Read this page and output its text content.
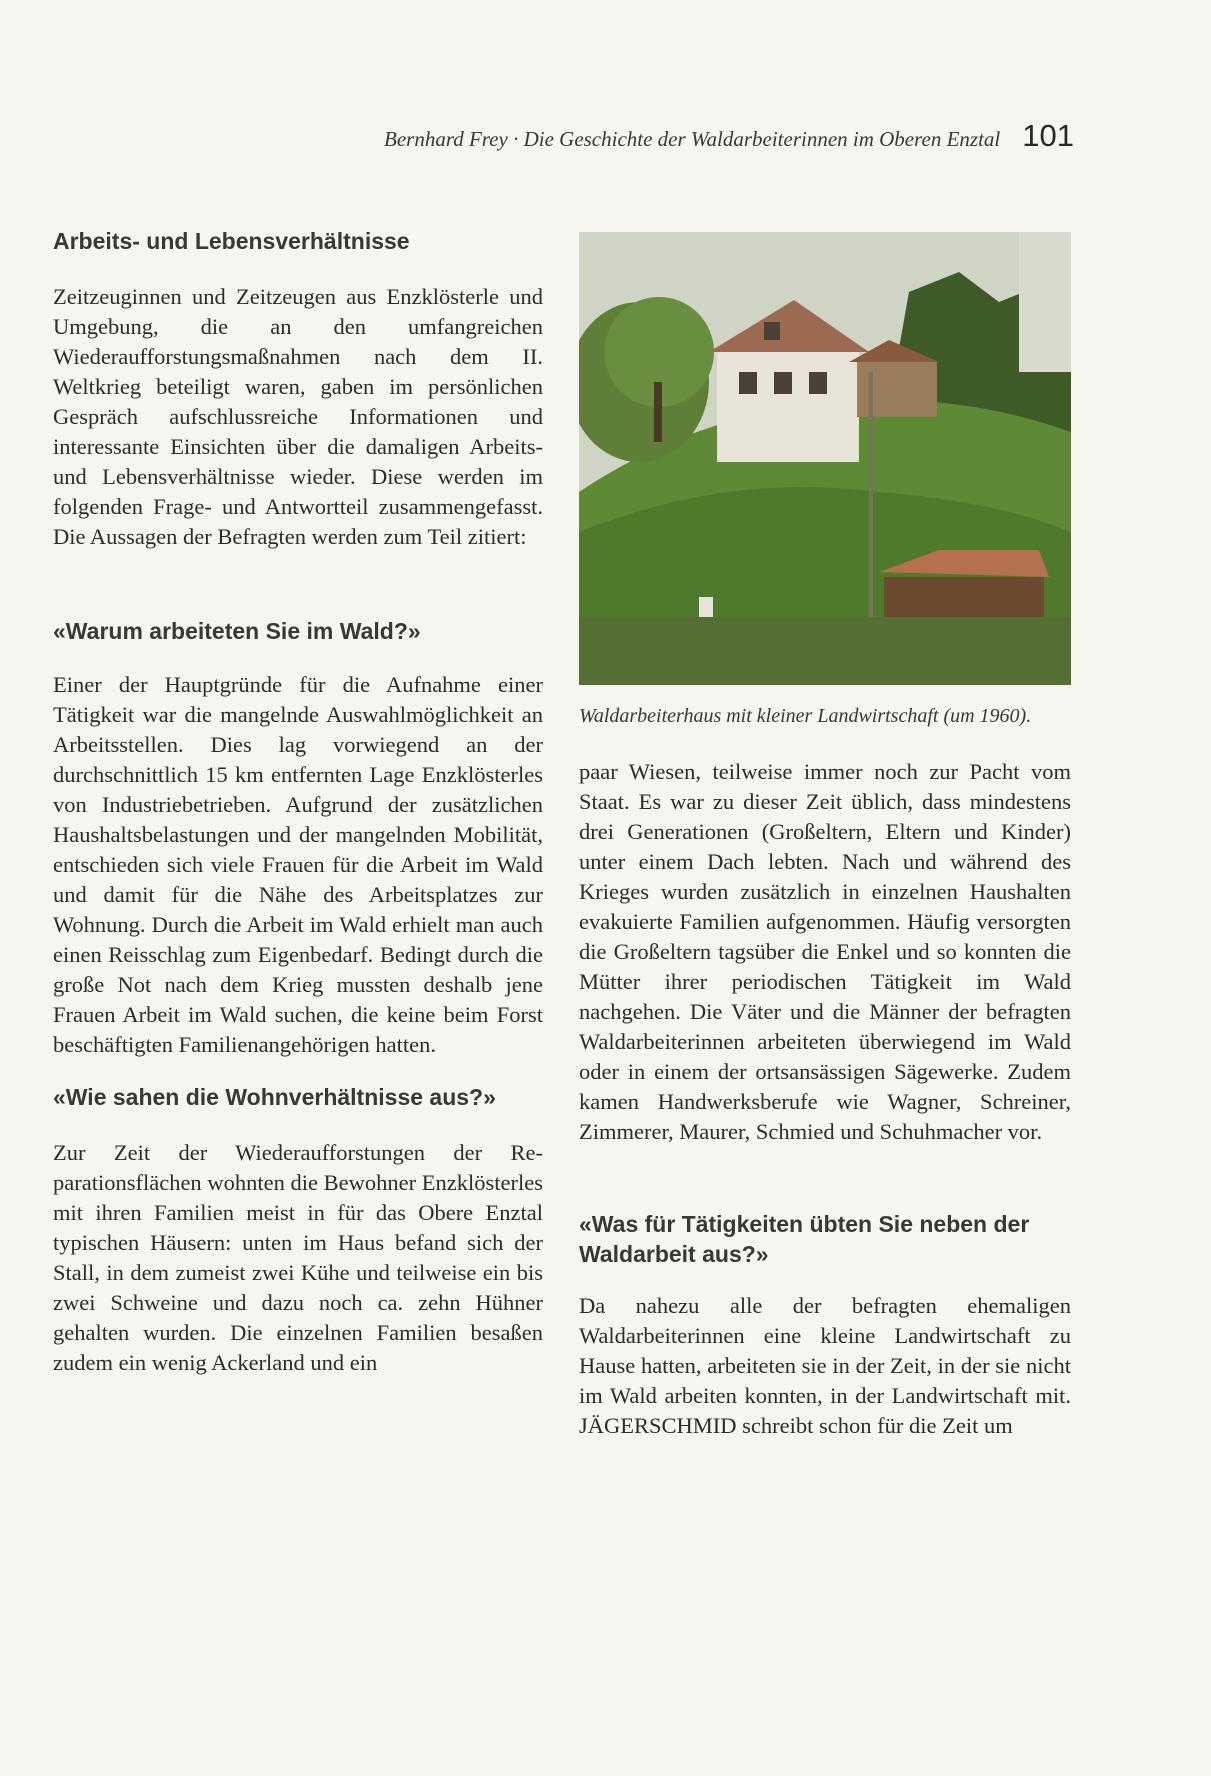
Bernhard Frey · Die Geschichte der Waldarbeiterinnen im Oberen Enztal 101
Arbeits- und Lebensverhältnisse

Zeitzeuginnen und Zeitzeugen aus Enzklösterle und Umgebung, die an den umfangreichen Wiederaufforstungsmaßnahmen nach dem II. Weltkrieg beteiligt waren, gaben im persönlichen Gespräch aufschlussreiche Informationen und interessante Einsichten über die damaligen Arbeits- und Lebensverhältnisse wieder. Diese werden im folgenden Frage- und Antwortteil zusammengefasst. Die Aussagen der Befragten werden zum Teil zitiert:

«Warum arbeiteten Sie im Wald?»

Einer der Hauptgründe für die Aufnahme einer Tätigkeit war die mangelnde Auswahlmöglichkeit an Arbeitsstellen. Dies lag vorwiegend an der durchschnittlich 15 km entfernten Lage Enzklösterles von Industriebetrieben. Aufgrund der zusätzlichen Haushaltsbelastungen und der mangelnden Mobilität, entschieden sich viele Frauen für die Arbeit im Wald und damit für die Nähe des Arbeitsplatzes zur Wohnung. Durch die Arbeit im Wald erhielt man auch einen Reisschlag zum Eigenbedarf. Bedingt durch die große Not nach dem Krieg mussten deshalb jene Frauen Arbeit im Wald suchen, die keine beim Forst beschäftigten Familienangehörigen hatten.

«Wie sahen die Wohnverhältnisse aus?»

Zur Zeit der Wiederaufforstungen der Reparationsflächen wohnten die Bewohner Enzklösterles mit ihren Familien meist in für das Obere Enztal typischen Häusern: unten im Haus befand sich der Stall, in dem zumeist zwei Kühe und teilweise ein bis zwei Schweine und dazu noch ca. zehn Hühner gehalten wurden. Die einzelnen Familien besaßen zudem ein wenig Ackerland und ein

Waldarbeiterhaus mit kleiner Landwirtschaft (um 1960).

paar Wiesen, teilweise immer noch zur Pacht vom Staat. Es war zu dieser Zeit üblich, dass mindestens drei Generationen (Großeltern, Eltern und Kinder) unter einem Dach lebten. Nach und während des Krieges wurden zusätzlich in einzelnen Haushalten evakuierte Familien aufgenommen. Häufig versorgten die Großeltern tagsüber die Enkel und so konnten die Mütter ihrer periodischen Tätigkeit im Wald nachgehen. Die Väter und die Männer der befragten Waldarbeiterinnen arbeiteten überwiegend im Wald oder in einem der ortsansässigen Sägewerke. Zudem kamen Handwerksberufe wie Wagner, Schreiner, Zimmerer, Maurer, Schmied und Schuhmacher vor.

«Was für Tätigkeiten übten Sie neben der Waldarbeit aus?»

Da nahezu alle der befragten ehemaligen Waldarbeiterinnen eine kleine Landwirtschaft zu Hause hatten, arbeiteten sie in der Zeit, in der sie nicht im Wald arbeiten konnten, in der Landwirtschaft mit. JÄGERSCHMID schreibt schon für die Zeit um
